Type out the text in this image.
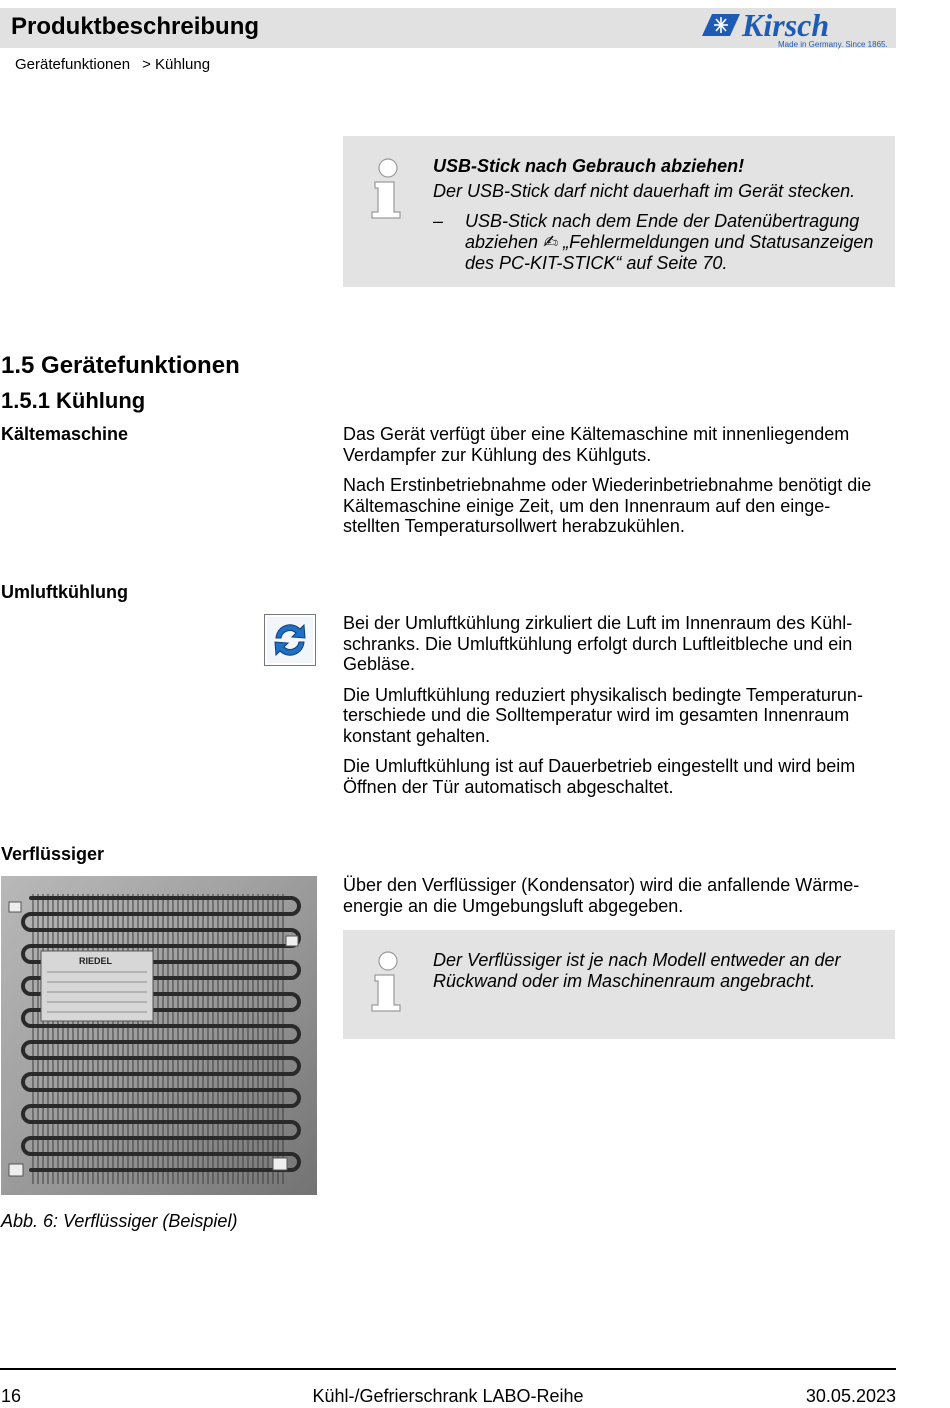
Produktbeschreibung	Kirsch
Made in Germany. Since 1865.
Gerätefunktionen > Kühlung

USB-Stick nach Gebrauch abziehen!

Der USB-Stick darf nicht dauerhaft im Gerät stecken.

–	USB-Stick nach dem Ende der Datenübertragung
abziehen ✍ „Fehlermeldungen und Statusanzeigen
des PC-KIT-STICK“ auf Seite 70.
1.5 Gerätefunktionen
1.5.1 Kühlung
Kältemaschine	Das Gerät verfügt über eine Kältemaschine mit innenliegendem
Verdampfer zur Kühlung des Kühlguts.

Nach Erstinbetriebnahme oder Wiederinbetriebnahme benötigt die
Kältemaschine einige Zeit, um den Innenraum auf den einge-
stellten Temperatursollwert herabzukühlen.

Umluftkühlung

Bei der Umluftkühlung zirkuliert die Luft im Innenraum des Kühl-
schranks. Die Umluftkühlung erfolgt durch Luftleitbleche und ein
Gebläse.

Die Umluftkühlung reduziert physikalisch bedingte Temperaturun-
terschiede und die Solltemperatur wird im gesamten Innenraum
konstant gehalten.

Die Umluftkühlung ist auf Dauerbetrieb eingestellt und wird beim
Öffnen der Tür automatisch abgeschaltet.

Verflüssiger
RIEDEL

Über den Verflüssiger (Kondensator) wird die anfallende Wärme-
energie an die Umgebungsluft abgegeben.

Der Verflüssiger ist je nach Modell entweder an der

Rückwand oder im Maschinenraum angebracht.

Abb. 6: Verflüssiger (Beispiel)
16	Kühl-/Gefrierschrank LABO-Reihe	30.05.2023
